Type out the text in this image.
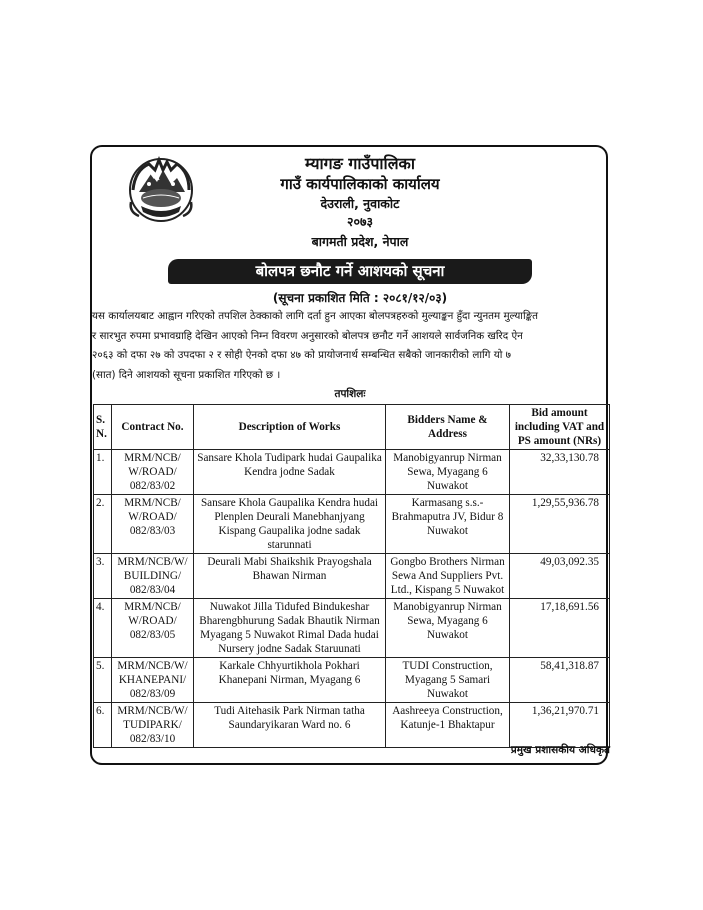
म्यागङ गाउँपालिका
गाउँ कार्यपालिकाको कार्यालय
देउराली, नुवाकोट
२०७३
बागमती प्रदेश, नेपाल
बोलपत्र छनौट गर्ने आशयको सूचना
(सूचना प्रकाशित मिति : २०८१/१२/०३)
यस कार्यालयबाट आह्वान गरिएको तपशिल ठेक्काको लागि दर्ता हुन आएका बोलपत्रहरुको मुल्याङ्कन हुँदा न्युनतम मुल्याङ्कित
र सारभुत रुपमा प्रभावग्राहि देखिन आएको निम्न विवरण अनुसारको बोलपत्र छनौट गर्ने आशयले सार्वजनिक खरिद ऐन
२०६३ को दफा २७ को उपदफा २ र सोही ऐनको दफा ४७ को प्रायोजनार्थ सम्बन्धित सबैको जानकारीको लागि यो ७
(सात) दिने आशयको सूचना प्रकाशित गरिएको छ ।
तपशिलः
S. N.	Contract No.	Description of Works	Bidders Name & Address	Bid amount including VAT and PS amount (NRs)
1.	MRM/NCB/ W/ROAD/ 082/83/02	Sansare Khola Tudipark hudai Gaupalika Kendra jodne Sadak	Manobigyanrup Nirman Sewa, Myagang 6 Nuwakot	32,33,130.78
2.	MRM/NCB/ W/ROAD/ 082/83/03	Sansare Khola Gaupalika Kendra hudai Plenplen Deurali Manebhanjyang Kispang Gaupalika jodne sadak starunnati	Karmasang s.s.- Brahmaputra JV, Bidur 8 Nuwakot	1,29,55,936.78
3.	MRM/NCB/W/ BUILDING/ 082/83/04	Deurali Mabi Shaikshik Prayogshala Bhawan Nirman	Gongbo Brothers Nirman Sewa And Suppliers Pvt. Ltd., Kispang 5 Nuwakot	49,03,092.35
4.	MRM/NCB/ W/ROAD/ 082/83/05	Nuwakot Jilla Tidufed Bindukeshar Bharengbhurung Sadak Bhautik Nirman Myagang 5 Nuwakot Rimal Dada hudai Nursery jodne Sadak Staruunati	Manobigyanrup Nirman Sewa, Myagang 6 Nuwakot	17,18,691.56
5.	MRM/NCB/W/ KHANEPANI/ 082/83/09	Karkale Chhyurtikhola Pokhari Khanepani Nirman, Myagang 6	TUDI Construction, Myagang 5 Samari Nuwakot	58,41,318.87
6.	MRM/NCB/W/ TUDIPARK/ 082/83/10	Tudi Aitehasik Park Nirman tatha Saundaryikaran Ward no. 6	Aashreeya Construction, Katunje-1 Bhaktapur	1,36,21,970.71
प्रमुख प्रशासकीय अधिकृत
